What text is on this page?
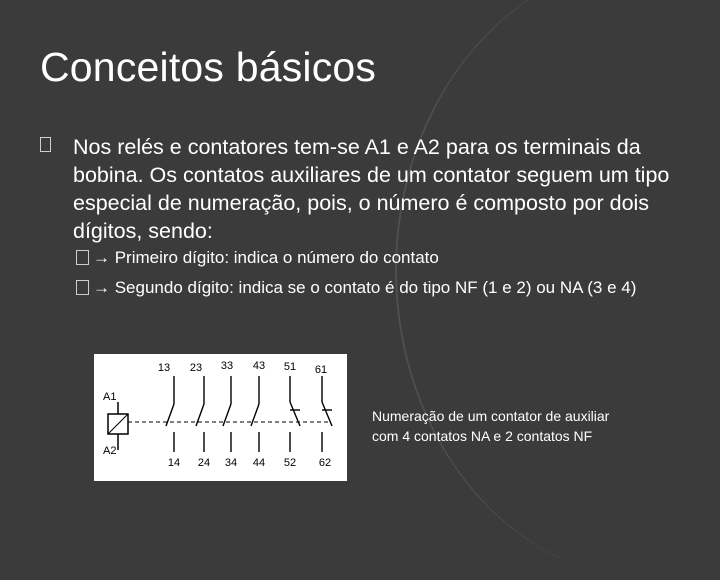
Conceitos básicos
Nos relés e contatores tem-se A1 e A2 para os terminais da bobina. Os contatos auxiliares de um contator seguem um tipo especial de numeração, pois, o número é composto por dois dígitos, sendo:
→ Primeiro dígito: indica o número do contato
→ Segundo dígito: indica se o contato é do tipo NF (1 e 2) ou NA (3 e 4)
A1
A2
13 23 33 43 51 61
14 24 34 44 52 62
Numeração de um contator de auxiliar
com 4 contatos NA e 2 contatos NF
